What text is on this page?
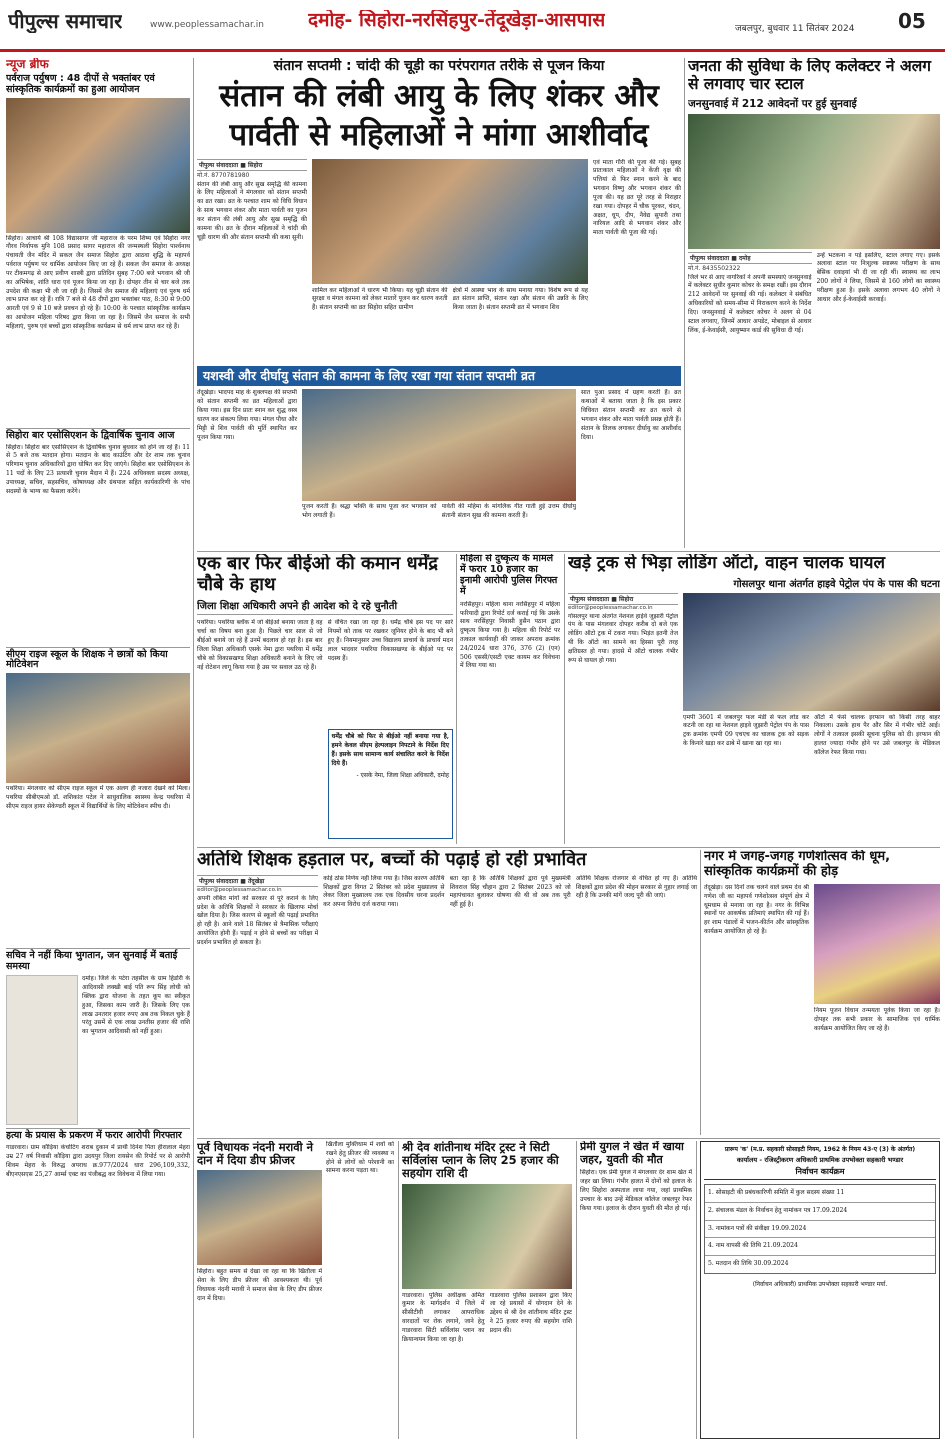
पीपुल्स समाचार	www.peoplessamachar.in दमोह- सिहोरा-नरसिंहपुर-तेंदूखेड़ा-आसपास	जबलपुर, बुधवार 11 सितंबर 2024 05
न्यूज ब्रीफ
पर्वराज पर्युषण : 48 दीपों से भक्तांबर एवं सांस्कृतिक कार्यक्रमों का हुआ आयोजन
सिहोरा। आचार्य श्री 108 विद्यासागर जी महाराज के परम शिष्य एवं सिहोरा नगर गौरव निर्यापक मुनि 108 प्रसाद सागर महाराज की जन्मस्थली सिहोरा पार्श्वनाथ पंचायती जैन मंदिर में सकल जैन समाज सिहोरा द्वारा आठवा शुद्धि के महापर्व पर्वराज पर्युषण पर धार्मिक आयोजन किए जा रहे हैं। सकल जैन समाज के अध्यक्ष पर टीकमगढ़ से आए प्रवीण शास्त्री द्वारा प्रतिदिन सुबह 7:00 बजे भगवान श्री जी का अभिषेक, शांति धारा एवं पूजन किया जा रहा है। दोपहर तीन से चार बजे तक उपदेश की कक्षा भी ली जा रही है। जिसमें जैन समाज की महिलाएं एवं पुरुष धर्म लाभ प्राप्त कर रहे हैं। रात्रि 7 बजे से 48 दीपों द्वारा भक्तांबर पाठ, 8:30 से 9:00 आरती एवं 9 से 10 बजे प्रवचन हो रहे हैं। 10:00 के पश्चात सांस्कृतिक कार्यक्रम का आयोजन महिला परिषद द्वारा किया जा रहा है। जिसमें जैन समाज के सभी महिलाएं, पुरुष एवं बच्चों द्वारा सांस्कृतिक कार्यक्रम से धर्म लाभ प्राप्त कर रहे हैं।
सिहोरा बार एसोसिएशन के द्विवार्षिक चुनाव आज
सिहोरा। सिहोरा बार एसोसिएशन के द्विवार्षिक चुनाव बुधवार को होने जा रहे हैं। 11 से 5 बजे तक मतदान होगा। मतदान के बाद काउंटिंग और देर शाम तक चुनाव परिणाम चुनाव अधिकारियों द्वारा घोषित कर दिए जाएंगे। सिहोरा बार एसोसिएशन के 11 पदों के लिए 23 प्रत्याशी चुनाव मैदान में हैं। 224 अधिवक्ता सदस्य अध्यक्ष, उपाध्यक्ष, सचिव, सहसचिव, कोषाध्यक्ष और ग्रंथपाल सहित कार्यकारिणी के पांच सदस्यों के भाग्य का फैसला करेंगे।
सीएम राइज स्कूल के शिक्षक ने छात्रों को किया मोटिवेशन
पथरिया। मंगलवार को सीएम राइज स्कूल में एक अलग ही नजारा देखने को मिला। पथरिया सीबीएमओ डॉ. शशिकांत पटेल ने साधुवालिक स्वास्थ्य केन्द्र पथरिया में सीएम राइज हायर सेकेण्डरी स्कूल में विद्यार्थियों के लिए मोटिवेशन स्पीच दी।
सचिव ने नहीं किया भुगतान, जन सुनवाई में बताई समस्या
दमोह। जिले के पटेरा तहसील के ग्राम हिंडोरी के आदिवासी लक्खी बाई पति रूप सिंह लोधी को क्लिक द्वारा योजना के तहत कूप का स्वीकृत हुआ, जिसका काम जारी है। जिसके लिए एक लाख उनतरार हजार रुपए अब तक निकल चुके हैं परंतु उसमें से एक लाख उनतीस हजार की राशि का भुगतान आदिवासी को नहीं हुआ।
हत्या के प्रयास के प्रकरण में फरार आरोपी गिरफ्तार
गाडरवारा। ग्राम कौड़िया कंचोटिंग शराब दुकान में प्रार्थी दिनेश पिता हीरालाल मेहरा उम्र 27 वर्ष निवासी कौड़िया द्वारा उदयपुर जिला रायसेन की रिपोर्ट पर से आरोपी शिवम मेहरा के विरुद्ध अपराध क्र.977/2024 धारा 296,109,332, बीएनएसएस 25,27 आर्म्स एक्ट का पंजीबद्ध कर विवेचना में लिया गया।
संतान सप्तमी : चांदी की चूड़ी का परंपरागत तरीके से पूजन किया
संतान की लंबी आयु के लिए शंकर और पार्वती से महिलाओं ने मांगा आशीर्वाद
पीपुल्स संवाददाता ■ सिहोरा
मो.नं. 8770781980
संतान की लंबी आयु और सुख समृद्धि की कामना के लिए महिलाओं ने मंगलवार को संतान सप्तमी का व्रत रखा। व्रत के पश्चात शाम को विधि विधान के साथ भगवान शंकर और माता पार्वती का पूजन कर संतान की लंबी आयु और सुख समृद्धि की कामना की। व्रत के दौरान महिलाओं ने चांदी की चूड़ी धारण की और संतान सप्तमी की कथा सुनी।
शामिल कर महिलाओं ने धारण भी किया। यह चूड़ी संतान की सुरक्षा व मंगल कामना को लेकर मातारें पूजन कर धारण करती हैं। संतान सप्तमी का व्रत सिहोरा सहित ग्रामीण
क्षेत्रों में आस्था भाव के साथ मनाया गया। विशेष रूप से यह व्रत संतान प्राप्ति, संतान रक्षा और संतान की उन्नति के लिए किया जाता है। संतान सप्तमी व्रत में भगवान शिव
एवं माता गौरी की पूजा की गई। सुबह प्रातःकाल महिलाओं ने केंजी वृक्ष की पत्तियां से फिर स्नान करने के बाद भगवान विष्णु और भगवान शंकर की पूजा की। यह व्रत पूरे तरह से निराहार रखा गया। दोपहर में चौक पूरकर, चंदन, अक्षत, धूप, दीप, नैवेद्य सुपारी तथा नारियल आदि से भगवान शंकर और माता पार्वती की पूजा की गई।
जनता की सुविधा के लिए कलेक्टर ने अलग से लगवाए चार स्टाल
जनसुनवाई में 212 आवेदनों पर हुई सुनवाई
पीपुल्स संवाददाता ■ दमोह
मो.नं. 8435502322
जिले भर से आए नागरिकों ने अपनी समस्याएं जनसुनवाई में कलेक्टर सुधीर कुमार कोचर के समक्ष रखीं। इस दौरान 212 आवेदनों पर सुनवाई की गई। कलेक्टर ने संबंधित अधिकारियों को समय-सीमा में निराकरण करने के निर्देश दिए। जनसुनवाई में कलेक्टर कोचर ने अलग से 04 स्टाल लगवाए, जिनमें आधार अपडेट, मोबाइल से आधार लिंक, ई-केवाईसी, आयुष्मान कार्ड की सुविधा दी गई।
उन्हें भटकना न पड़े इसलिए, स्टाल लगाए गए। इसके अलावा स्टाल पर निःशुल्क स्वास्थ्य परीक्षण के साथ बेसिक दवाइयां भी दी जा रही थीं। स्वास्थ्य का लाभ 200 लोगों ने लिया, जिसमें से 160 लोगों का स्वास्थ्य परीक्षण हुआ है। इसके अलावा लगभग 40 लोगों ने आधार और ई-केवाईसी करवाई।
यशस्वी और दीर्घायु संतान की कामना के लिए रखा गया संतान सप्तमी व्रत
तेंदूखेड़ा। भादपद माह के शुक्लपक्ष की सप्तमी को संतान सप्तमी का व्रत महिलाओं द्वारा किया गया। इस दिन प्रातः स्नान कर शुद्ध वस्त्र धारण कर संकल्प लिया गया। मंगल पौधा और मिट्टी से शिव पार्वती की मूर्ति स्थापित कर पूजन किया गया।
पूजन करती हैं। श्रद्धा भक्ति के साथ पूजा कर भगवान को भोग लगाती हैं।
पार्वती की महिमा के मांगलिक गीत गाती हुई उत्तम दीर्घायु संतानी संतान सुख की कामना करती हैं।
सात पुआ प्रसाद में ग्रहण करती हैं। व्रत कथाओं में बताया जाता है कि इस प्रकार विधिवत संतान सप्तमी का व्रत करने से भगवान शंकर और माता पार्वती प्रसन्न होती हैं। संतान के तिलक लगाकर दीर्घायु का आशीर्वाद दिया।
एक बार फिर बीईओ की कमान धर्मेंद्र चौबे के हाथ
जिला शिक्षा अधिकारी अपने ही आदेश को दे रहे चुनौती
पथरिया। पथरिया ब्लॉक में जो बीईओ बनाया जाता है वह चर्चा का विषय बना हुआ है। पिछले चार साल से जो बीईओ बनाये जा रहे हैं उनमें बदलाव हो रहा है। इस बार जिला शिक्षा अधिकारी एसके नेमा द्वारा पथरिया में धर्मेंद्र चौबे को विकासखण्ड शिक्षा अधिकारी बनाने के लिए जो नई रोटेशन लागू किया गया है उस पर सवाल उठ रहे हैं।
से वंचित रखा जा रहा है। धर्मेंद्र चौबे इस पद पर सारे नियमों को ताक पर रखकर जूनियर होने के बाद भी बने हुए हैं। नियमानुसार उच्च विद्यालय प्राचार्य के प्राचार्य मदन लाल भादवार पथरिया विकासखण्ड के बीईओ पद पर पदस्थ हैं।
धर्मेंद्र चौबे को फिर से बीईओ नहीं बनाया गया है, हमने केवल सीएम हेल्पलाइन निपटाने के निर्देश दिए हैं। इसके साथ सामान्य कार्य संचालित करने के निर्देश दिये हैं।
- एसके नेमा, जिला शिक्षा अधिकारी, दमोह
महिला से दुष्कृत्य के मामले में फरार 10 हजार का इनामी आरोपी पुलिस गिरफ्त में
नरसिंहपुर। महिला थाना नरसिंहपुर में महिला फरियादी द्वारा रिपोर्ट दर्ज कराई गई कि उसके साथ नरसिंहपुर निवासी हुसैन पठान द्वारा दुष्कृत्य किया गया है। महिला की रिपोर्ट पर तत्काल कार्यवाही की जाकर अपराध क्रमांक 24/2024 धारा 376, 376 (2) (एन) 506 एससी/एसटी एक्ट कायम कर विवेचना में लिया गया था।
खड़े ट्रक से भिड़ा लोडिंग ऑटो, वाहन चालक घायल
गोसलपुर थाना अंतर्गत हाइवे पेट्रोल पंप के पास की घटना
पीपुल्स संवाददाता ■ सिहोरा
editor@peoplessamachar.co.in
गोसलपुर थाना अंतर्गत नेशनल हाईवे जुझारी पेट्रोल पंप के पास मंगलवार दोपहर करीब दो बजे एक लोडिंग ऑटो ट्रक में टकरा गया। भिड़ंत इतनी तेज थी कि ऑटो का सामने का हिस्सा पूरी तरह क्षतिग्रस्त हो गया। हादसे में ऑटो चालक गंभीर रूप से घायल हो गया।
एमपी 3601 में जबलपुर फल मंडी से फल लोड कर कटनी जा रहा था नेशनल हाइवे जुझारी पेट्रोल पंप के पास ट्रक क्रमांक एमपी 09 एचएच का चालक ट्रक को सड़क के किनारे खड़ा कर ढाबे में खाना खा रहा था।
ऑटो में फंसे चालक इरफान को किसी तरह बाहर निकाला। उसके हाथ पैर और सिर में गंभीर चोटें आईं। लोगों ने तत्काल इसकी सूचना पुलिस को दी। इरफान की हालत ज्यादा गंभीर होने पर उसे जबलपुर के मेडिकल कॉलेज रेफर किया गया।
अतिथि शिक्षक हड़ताल पर, बच्चों की पढ़ाई हो रही प्रभावित
पीपुल्स संवाददाता ■ तेंदूखेड़ा
editor@peoplessamachar.co.in
अपनी लंबित मांगों को सरकार से पूरे कराने के लिए प्रदेश के अतिथि शिक्षकों ने सरकार के खिलाफ मोर्चा खोल दिया है। जिस कारण से स्कूलों की पढ़ाई प्रभावित हो रही है। आने वाले 18 सितंबर से त्रैमासिक परीक्षाएं आयोजित होनी हैं। पढ़ाई न होने से बच्चों का परीक्षा में प्रदर्शन प्रभावित हो सकता है।
कोई ठोस निर्णय नहीं लिया गया है। जिस कारण अतिथि शिक्षकों द्वारा विगत 2 सितंबर को प्रदेश मुख्यालय से लेकर जिला मुख्यालय तक एक दिवसीय धरना प्रदर्शन कर अपना विरोध दर्ज कराया गया।
बता रहा है कि अतिथि शिक्षकों द्वारा पूर्व मुख्यमंत्री शिवराज सिंह चौहान द्वारा 2 सितंबर 2023 को जो महापंचायत बुलाकर घोषणा की थी वो अब तक पूरी नहीं हुई है।
अतिथि शिक्षक रोजगार से वंचित हो गए हैं। अतिथि शिक्षकों द्वारा प्रदेश की मोहन सरकार से गुहार लगाई जा रही है कि उनकी मांगें जल्द पूरी की जाएं।
नगर में जगह-जगह गणेशोत्सव की धूम, सांस्कृतिक कार्यक्रमों की होड़
तेंदूखेड़ा। दस दिनों तक चलने वाले प्रथम देव श्री गणेश जी का महापर्व गणेशोत्सव संपूर्ण क्षेत्र में धूमधाम से मनाया जा रहा है। नगर के विभिन्न स्थानों पर आकर्षक प्रतिमाएं स्थापित की गई हैं। हर शाम पंडालों में भजन-कीर्तन और सांस्कृतिक कार्यक्रम आयोजित हो रहे हैं।
नियम पूजन विधान तन्मयता पूर्वक किया जा रहा है। दोपहर तक सभी प्रकार के सामाजिक एवं धार्मिक कार्यक्रम आयोजित किए जा रहे हैं।
पूर्व विधायक नंदनी मरावी ने दान में दिया डीप फ्रीजर
सिहोरा। बहुत समय से देखा जा रहा था कि खितौला में सेवा के लिए डीप फ्रीजर की आवश्यकता थी। पूर्व विधायक नंदनी मरावी ने समाज सेवा के लिए डीप फ्रीजर दान में दिया।
खितौला मुक्तिधाम में शवों को रखने हेतु फ्रीजर की व्यवस्था न होने से लोगों को परेशानी का सामना करना पड़ता था।
श्री देव शांतीनाथ मंदिर ट्रस्ट ने सिटी सर्विलांस प्लान के लिए 25 हजार की सहयोग राशि दी
गाडरवारा। पुलिस अधीक्षक अमित कुमार के मार्गदर्शन में जिले में सीसीटीवी लगाकर आपराधिक वारदातों पर रोक लगाने, जाने हेतु गाडरवारा सिटी सर्विलांस प्लान का क्रियान्वयन किया जा रहा है।
गाडरवारा पुलिस प्रशासन द्वारा किए जा रहे प्रयासों में योगदान देने के उद्देश्य से श्री देव शांतीनाथ मंदिर ट्रस्ट ने 25 हजार रुपए की सहयोग राशि प्रदान की।
प्रेमी युगल ने खेत में खाया जहर, युवती की मौत
सिहोरा। एक प्रेमी युगल ने मंगलवार देर शाम खेत में जहर खा लिया। गंभीर हालत में दोनों को इलाज के लिए सिहोरा अस्पताल लाया गया, जहां प्राथमिक उपचार के बाद उन्हें मेडिकल कॉलेज जबलपुर रेफर किया गया। इलाज के दौरान युवती की मौत हो गई।
प्रारूप 'क' (म.प्र. सहकारी सोसाइटी नियम, 1962 के नियम 43-ए (3) के अंतर्गत)
कार्यालय - रजिस्ट्रीकरण अधिकारी प्राथमिक उपभोक्ता सहकारी भण्डार
निर्वाचन कार्यक्रम
1. सोसाइटी की प्रबंधकारिणी समिति में कुल सदस्य संख्या 11
2. संचालक मंडल के निर्वाचन हेतु नामांकन पत्र 17.09.2024
3. नामांकन पत्रों की संवीक्षा 19.09.2024
4. नाम वापसी की तिथि 21.09.2024
5. मतदान की तिथि 30.09.2024
(निर्वाचन अधिकारी) प्राथमिक उपभोक्ता सहकारी भण्डार मर्या.
